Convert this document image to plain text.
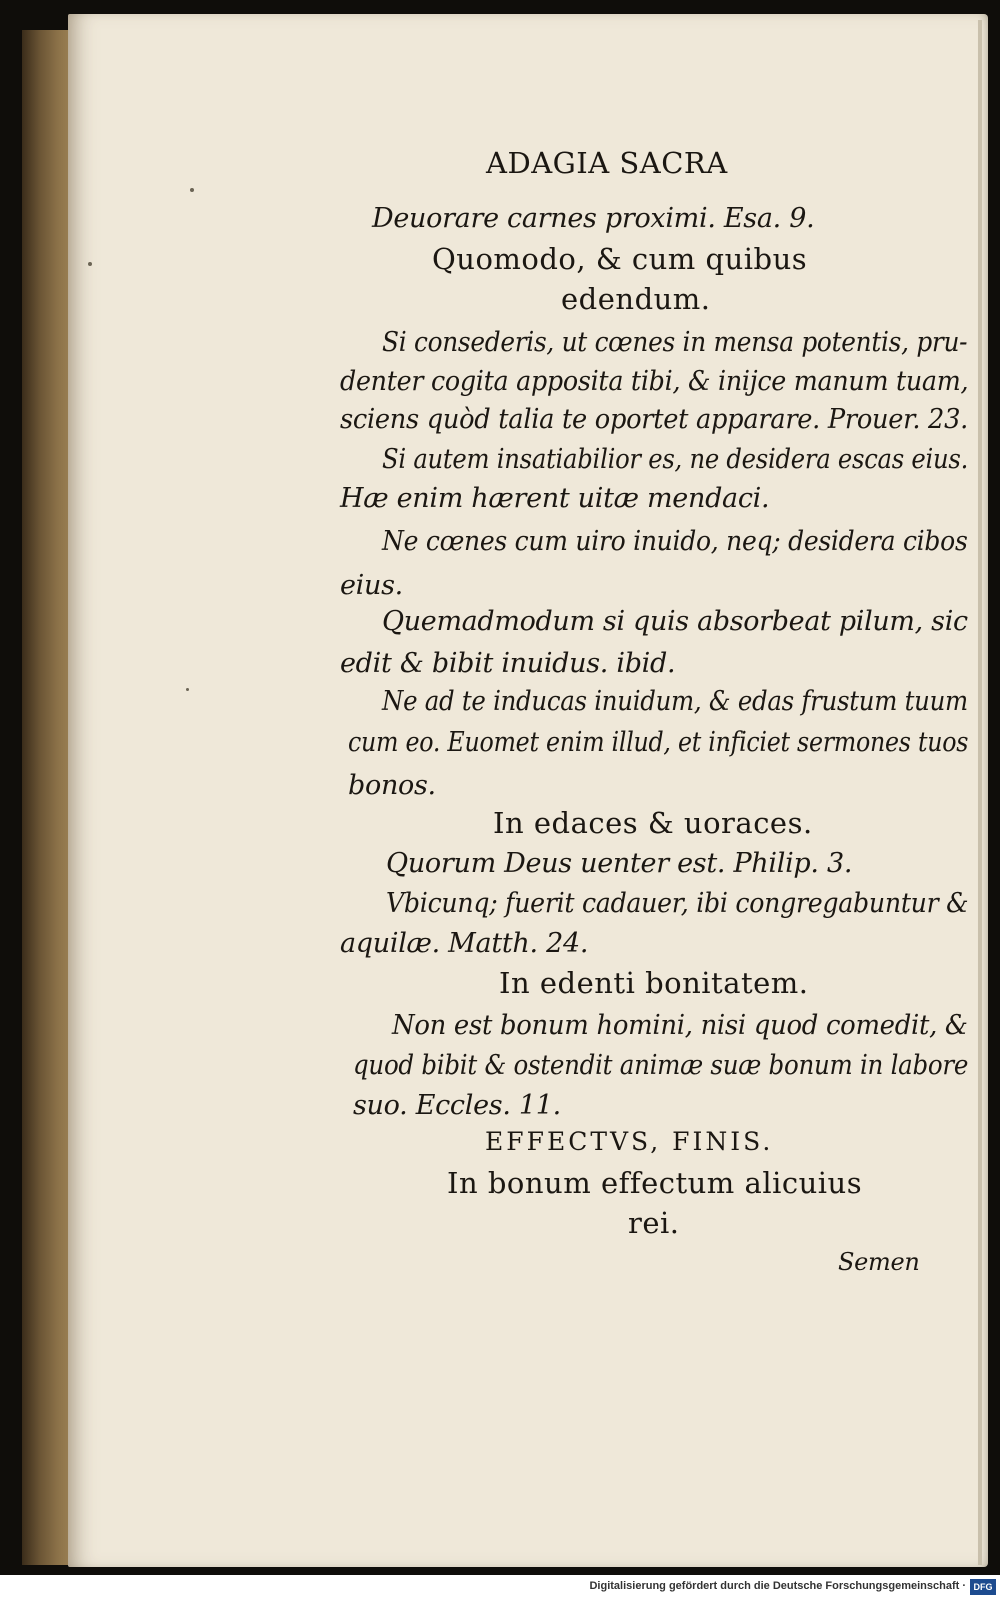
ADAGIA SACRA
Deuorare carnes proximi. Esa. 9.
Quomodo, & cum quibus
edendum.
Si consederis, ut cœnes in mensa potentis, pru-
denter cogita apposita tibi, & inijce manum tuam,
sciens quòd talia te oportet apparare. Prouer. 23.
Si autem insatiabilior es, ne desidera escas eius.
Hæ enim hærent uitæ mendaci.
Ne cœnes cum uiro inuido, neq; desidera cibos
eius.
Quemadmodum si quis absorbeat pilum, sic
edit & bibit inuidus. ibid.
Ne ad te inducas inuidum, & edas frustum tuum
cum eo. Euomet enim illud, et inficiet sermones tuos
bonos.
In edaces & uoraces.
Quorum Deus uenter est. Philip. 3.
Vbicunq; fuerit cadauer, ibi congregabuntur &
aquilæ. Matth. 24.
In edenti bonitatem.
Non est bonum homini, nisi quod comedit, &
quod bibit & ostendit animæ suæ bonum in labore
suo. Eccles. 11.
EFFECTVS, FINIS.
In bonum effectum alicuius
rei.
Semen
Digitalisierung gefördert durch die Deutsche Forschungsgemeinschaft · DFG
